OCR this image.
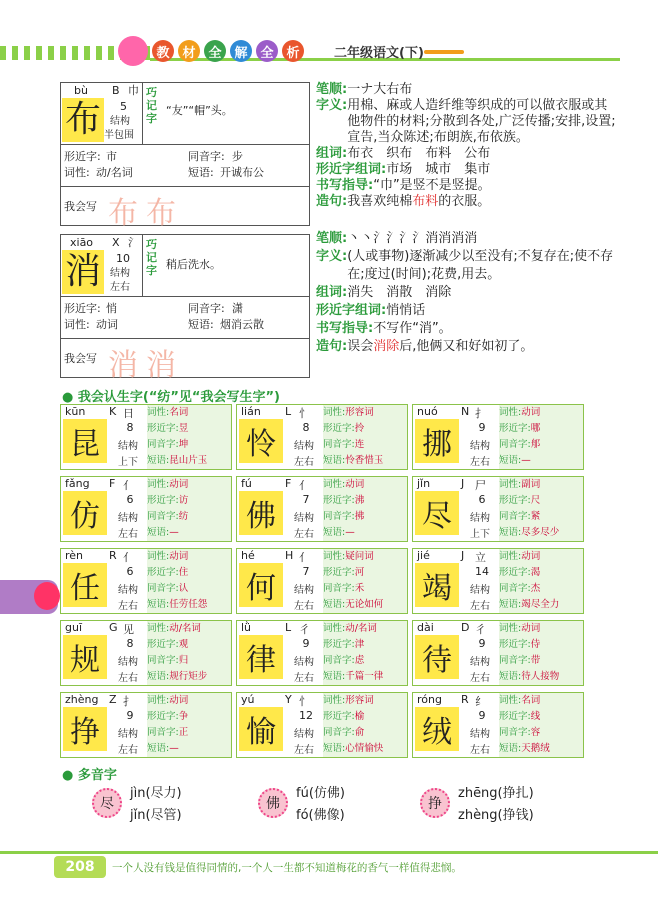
教 材 全 解 全 析	二年级语文(下)
bù B 巾
布 5
结构
半包围
巧记字
“友”“帽”头。
形近字: 市	同音字: 步
词性: 动/名词	短语: 开诚布公
我会写 布 布
笔顺:一ナ大右布
字义: 用棉、麻或人造纤维等织成的可以做衣服或其他物件的材料;分散到各处,广泛传播;安排,设置;宣告,当众陈述;布朗族,布依族。
组词:布衣　织布　布料　公布
形近字组词:市场　城市　集市
书写指导:“巾”是竖不是竖提。
造句:我喜欢纯棉布料的衣服。
xiāo X 氵
消 10
结构
左右
巧记字 稍后洗水。
形近字: 悄	同音字: 潇
词性: 动词	短语: 烟消云散
我会写 消 消
笔顺:丶丶氵氵氵氵消消消消
字义: (人或事物)逐渐减少以至没有;不复存在;使不存在;度过(时间);花费,用去。
组词:消失　消散　消除
形近字组词:悄悄话
书写指导:不写作“消”。
造句:误会消除后,他俩又和好如初了。
● 我会认生字(“纺”见“我会写生字”)
kūn K 日
昆	8
结构
上下
词性:名词
形近字:昱
同音字:坤
短语:昆山片玉
lián L 忄
怜	8
结构
左右
词性:形容词
形近字:拎
同音字:连
短语:怜香惜玉
nuó N 扌
挪	9
结构
左右
词性:动词
形近字:哪
同音字:郍
短语:—
fǎng F 亻
仿	6
结构
左右
词性:动词
形近字:访
同音字:纺
短语:—
fú	F 亻
佛	7
结构
左右
词性:动词
形近字:沸
同音字:拂
短语:—
jǐn	J 尸
尽	6
结构
上下
词性:副词
形近字:尺
同音字:紧
短语:尽多尽少
rèn R 亻
任	6
结构
左右
词性:动词
形近字:住
同音字:认
短语:任劳任怨
hé	H 亻
何	7
结构
左右
词性:疑问词
形近字:河
同音字:禾
短语:无论如何
jié	J 立
竭	14
结构
左右
词性:动词
形近字:渴
同音字:杰
短语:竭尽全力
guī G 见
规	8
结构
左右
词性:动/名词
形近字:观
同音字:归
短语:规行矩步
lǜ	L 彳
律	9
结构
左右
词性:动/名词
形近字:津
同音字:虑
短语:千篇一律
dài D 彳
待	9
结构
左右
词性:动词
形近字:侍
同音字:带
短语:待人接物
zhèng Z 扌
挣	9
结构
左右
词性:动词
形近字:争
同音字:正
短语:—
yú	Y 忄
愉	12
结构
左右
词性:形容词
形近字:榆
同音字:俞
短语:心情愉快
róng R 纟
绒	9
结构
左右
词性:名词
形近字:线
同音字:容
短语:天鹅绒
● 多音字
尽
jìn(尽力)
jǐn(尽管)
佛
fú(仿佛)
fó(佛像)
挣
zhēng(挣扎)
zhèng(挣钱)
208	一个人没有钱是值得同情的,一个人一生都不知道梅花的香气一样值得悲悯。
